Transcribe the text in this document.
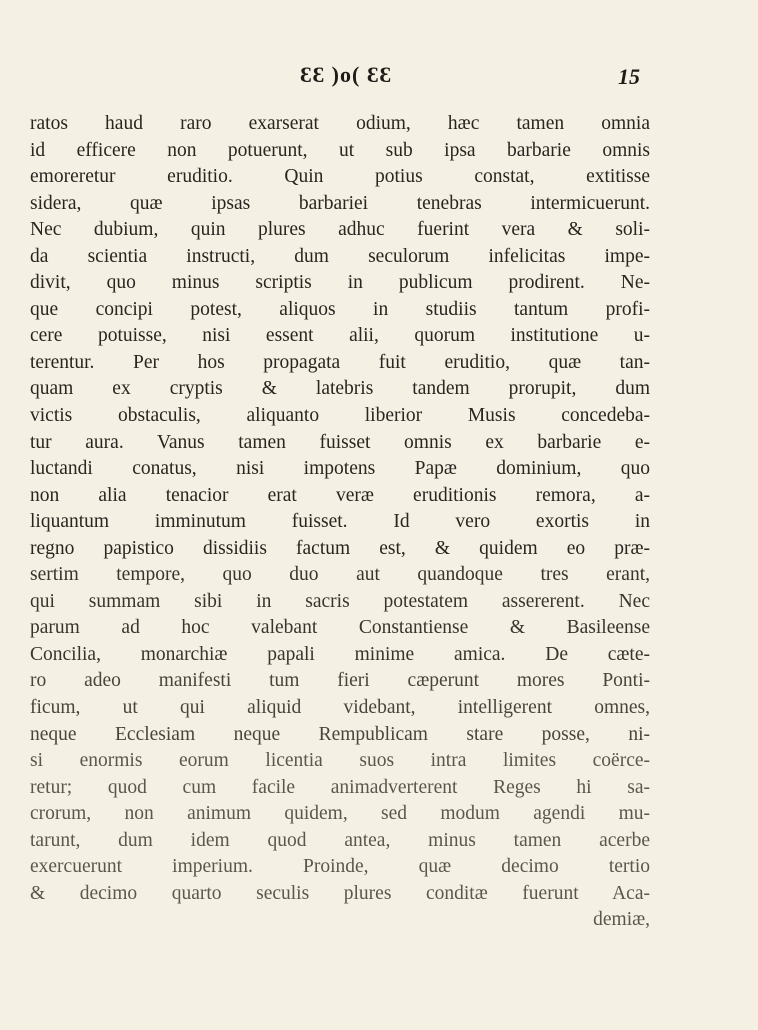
ƐƐ )o( ƐƐ	15
ratos haud raro exarserat odium, hæc tamen omnia
id efficere non potuerunt, ut sub ipsa barbarie omnis
emoreretur eruditio. Quin potius constat, extitisse
sidera, quæ ipsas barbariei tenebras intermicuerunt.
Nec dubium, quin plures adhuc fuerint vera & soli-
da scientia instructi, dum seculorum infelicitas impe-
divit, quo minus scriptis in publicum prodirent. Ne-
que concipi potest, aliquos in studiis tantum profi-
cere potuisse, nisi essent alii, quorum institutione u-
terentur. Per hos propagata fuit eruditio, quæ tan-
quam ex cryptis & latebris tandem prorupit, dum
victis obstaculis, aliquanto liberior Musis concedeba-
tur aura. Vanus tamen fuisset omnis ex barbarie e-
luctandi conatus, nisi impotens Papæ dominium, quo
non alia tenacior erat veræ eruditionis remora, a-
liquantum imminutum fuisset. Id vero exortis in
regno papistico dissidiis factum est, & quidem eo præ-
sertim tempore, quo duo aut quandoque tres erant,
qui summam sibi in sacris potestatem assererent. Nec
parum ad hoc valebant Constantiense & Basileense
Concilia, monarchiæ papali minime amica. De cæte-
ro adeo manifesti tum fieri cæperunt mores Ponti-
ficum, ut qui aliquid videbant, intelligerent omnes,
neque Ecclesiam neque Rempublicam stare posse, ni-
si enormis eorum licentia suos intra limites coërce-
retur; quod cum facile animadverterent Reges hi sa-
crorum, non animum quidem, sed modum agendi mu-
tarunt, dum idem quod antea, minus tamen acerbe
exercuerunt imperium. Proinde, quæ decimo tertio
& decimo quarto seculis plures conditæ fuerunt Aca-
demiæ,
